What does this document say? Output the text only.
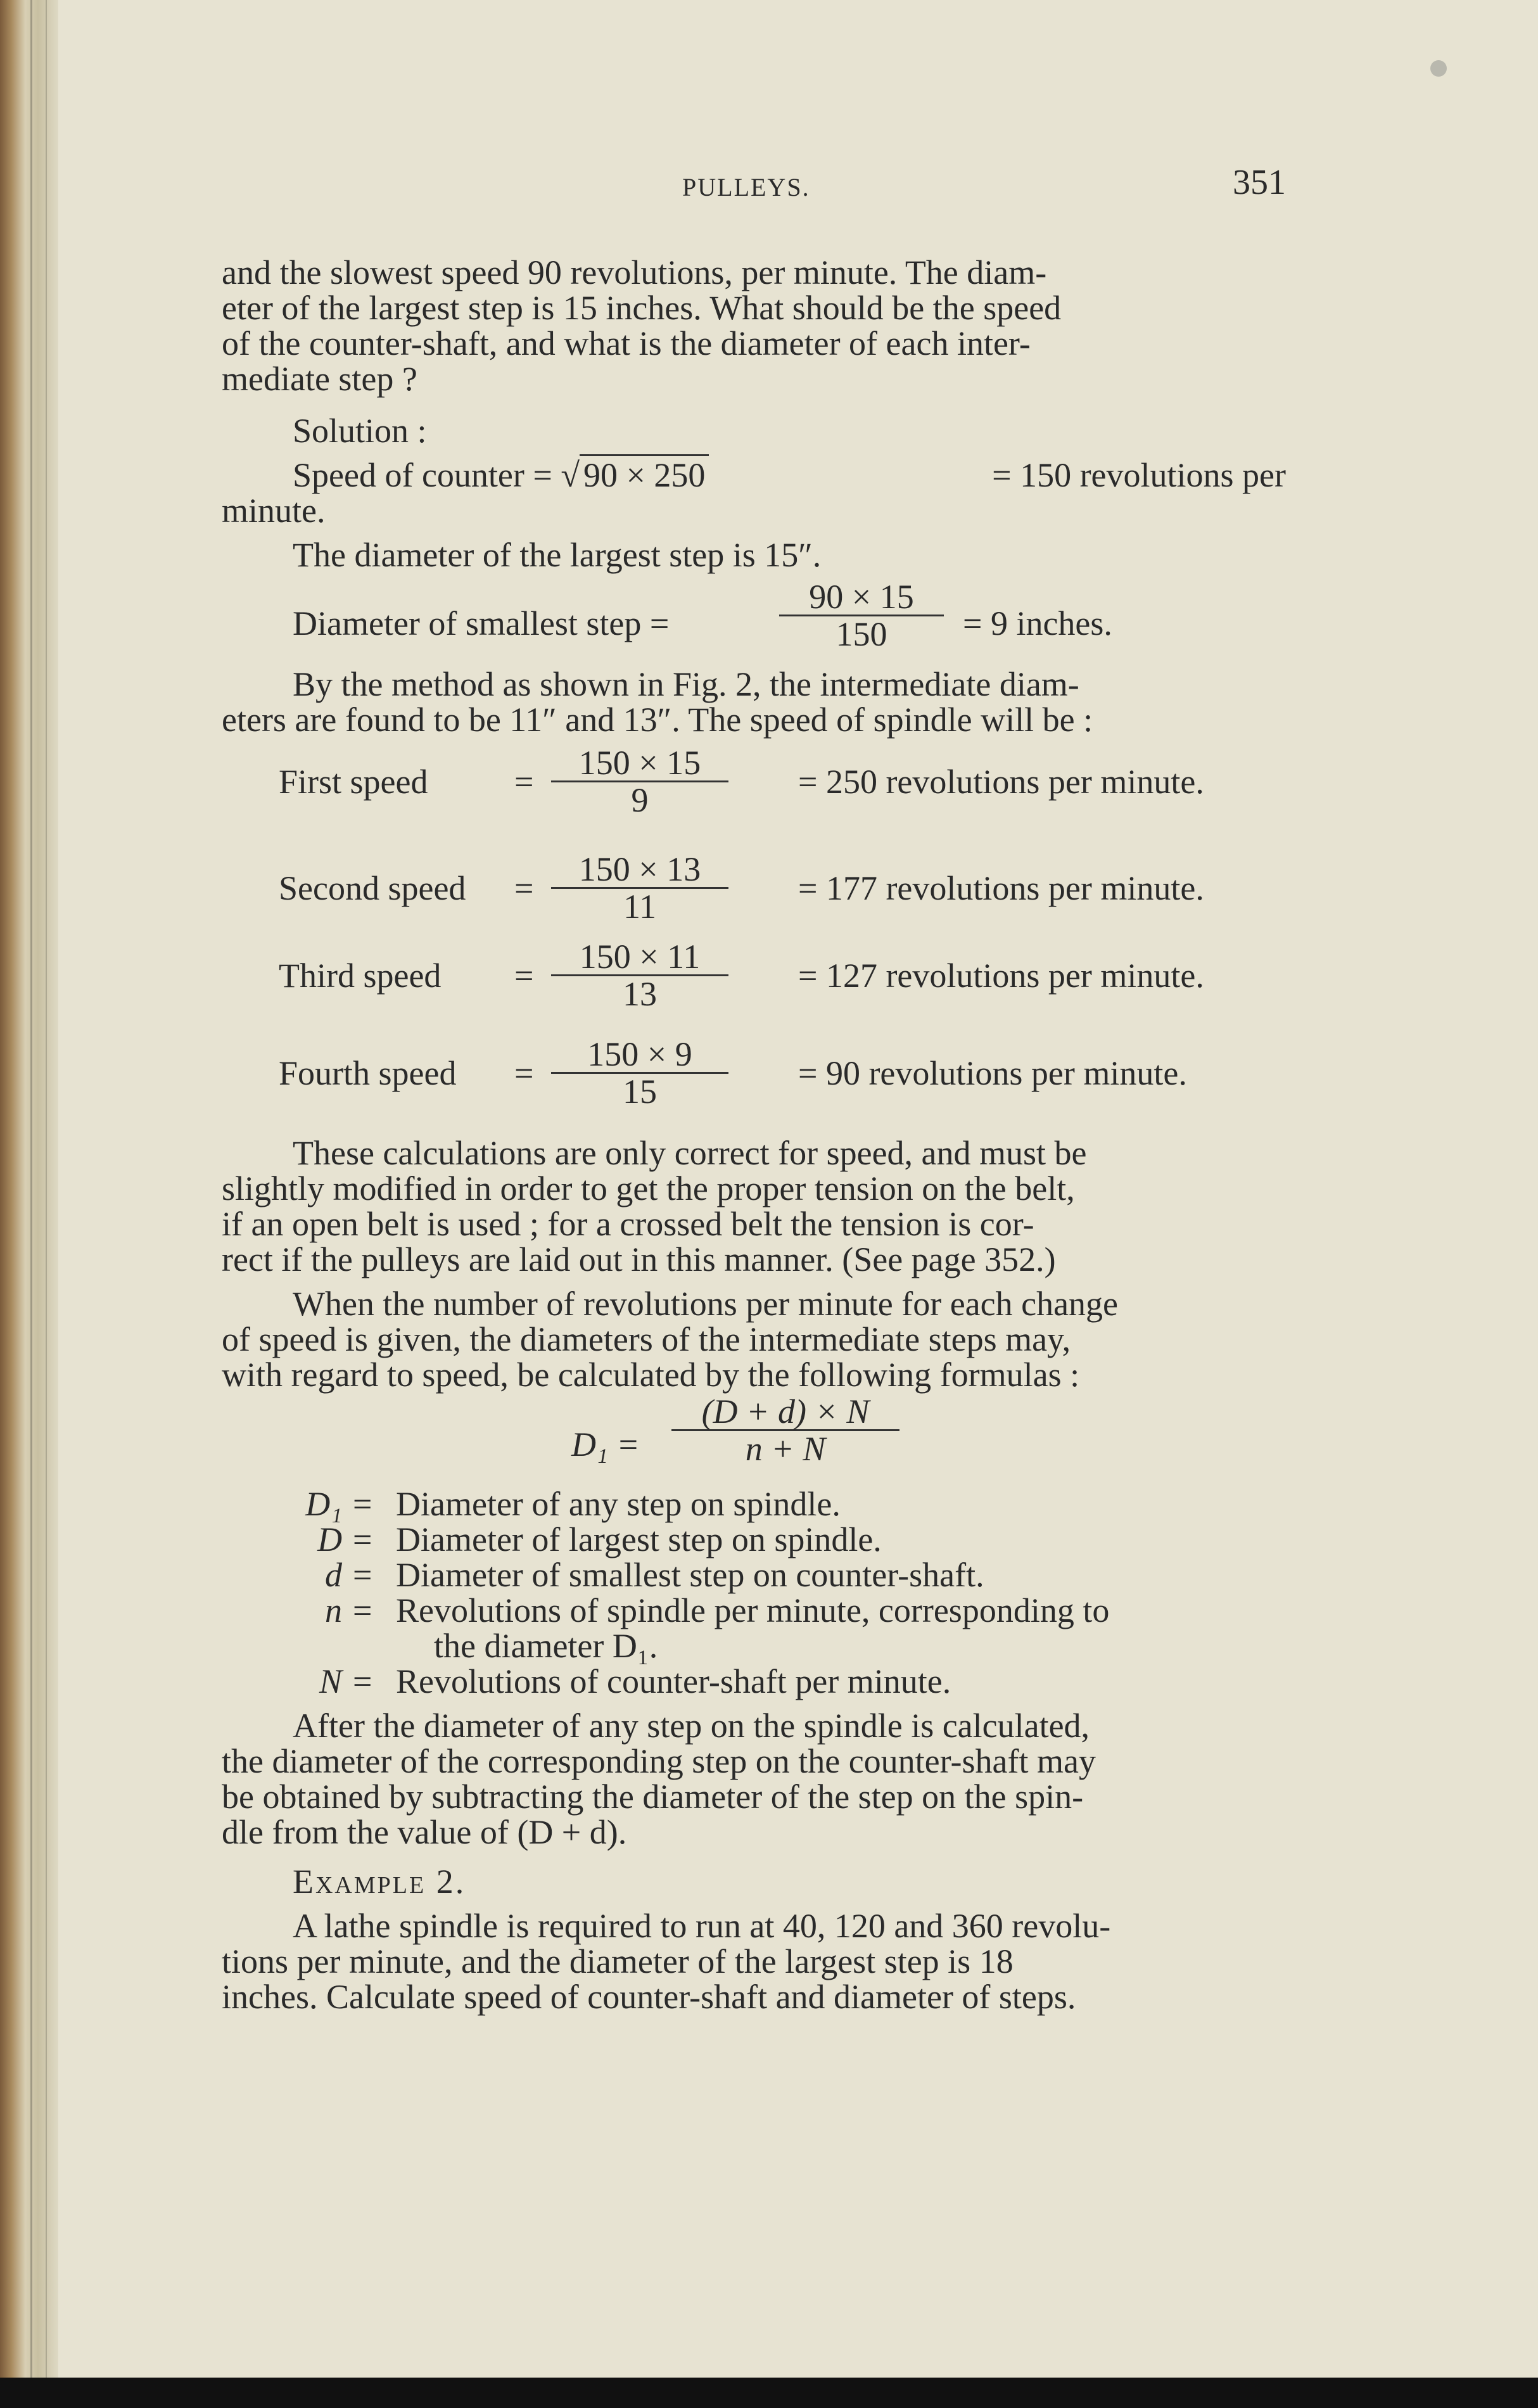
PULLEYS.	351
and the slowest speed 90 revolutions, per minute. The diam-
eter of the largest step is 15 inches. What should be the speed
of the counter-shaft, and what is the diameter of each inter-
mediate step ?
Solution :
Speed of counter = √ 90 × 250	= 150 revolutions per
minute.
The diameter of the largest step is 15″.
Diameter of smallest step =	$\frac{90 \times 15}{150} = 9$ inches.
By the method as shown in Fig. 2, the intermediate diam-
eters are found to be 11″ and 13″. The speed of spindle will be :
First speed	= $\frac{150 \times 15}{9} = 250$ revolutions per minute.
Second speed = $\frac{150 \times 13}{11} = 177$ revolutions per minute.
Third speed = $\frac{150 \times 11}{13} = 127$ revolutions per minute.
Fourth speed = $\frac{150 \times 9}{15} = 90$ revolutions per minute.
These calculations are only correct for speed, and must be
slightly modified in order to get the proper tension on the belt,
if an open belt is used ; for a crossed belt the tension is cor-
rect if the pulleys are laid out in this manner. (See page 352.)
When the number of revolutions per minute for each change
of speed is given, the diameters of the intermediate steps may,
with regard to speed, be calculated by the following formulas :
$D_1 = \frac{(D + d) \times N}{n + N}$
D₁ = Diameter of any step on spindle.
D = Diameter of largest step on spindle.
d = Diameter of smallest step on counter-shaft.
n = Revolutions of spindle per minute, corresponding to
the diameter D₁.
N = Revolutions of counter-shaft per minute.
After the diameter of any step on the spindle is calculated,
the diameter of the corresponding step on the counter-shaft may
be obtained by subtracting the diameter of the step on the spin-
dle from the value of (D + d).
Example 2.
A lathe spindle is required to run at 40, 120 and 360 revolu-
tions per minute, and the diameter of the largest step is 18
inches. Calculate speed of counter-shaft and diameter of steps.
